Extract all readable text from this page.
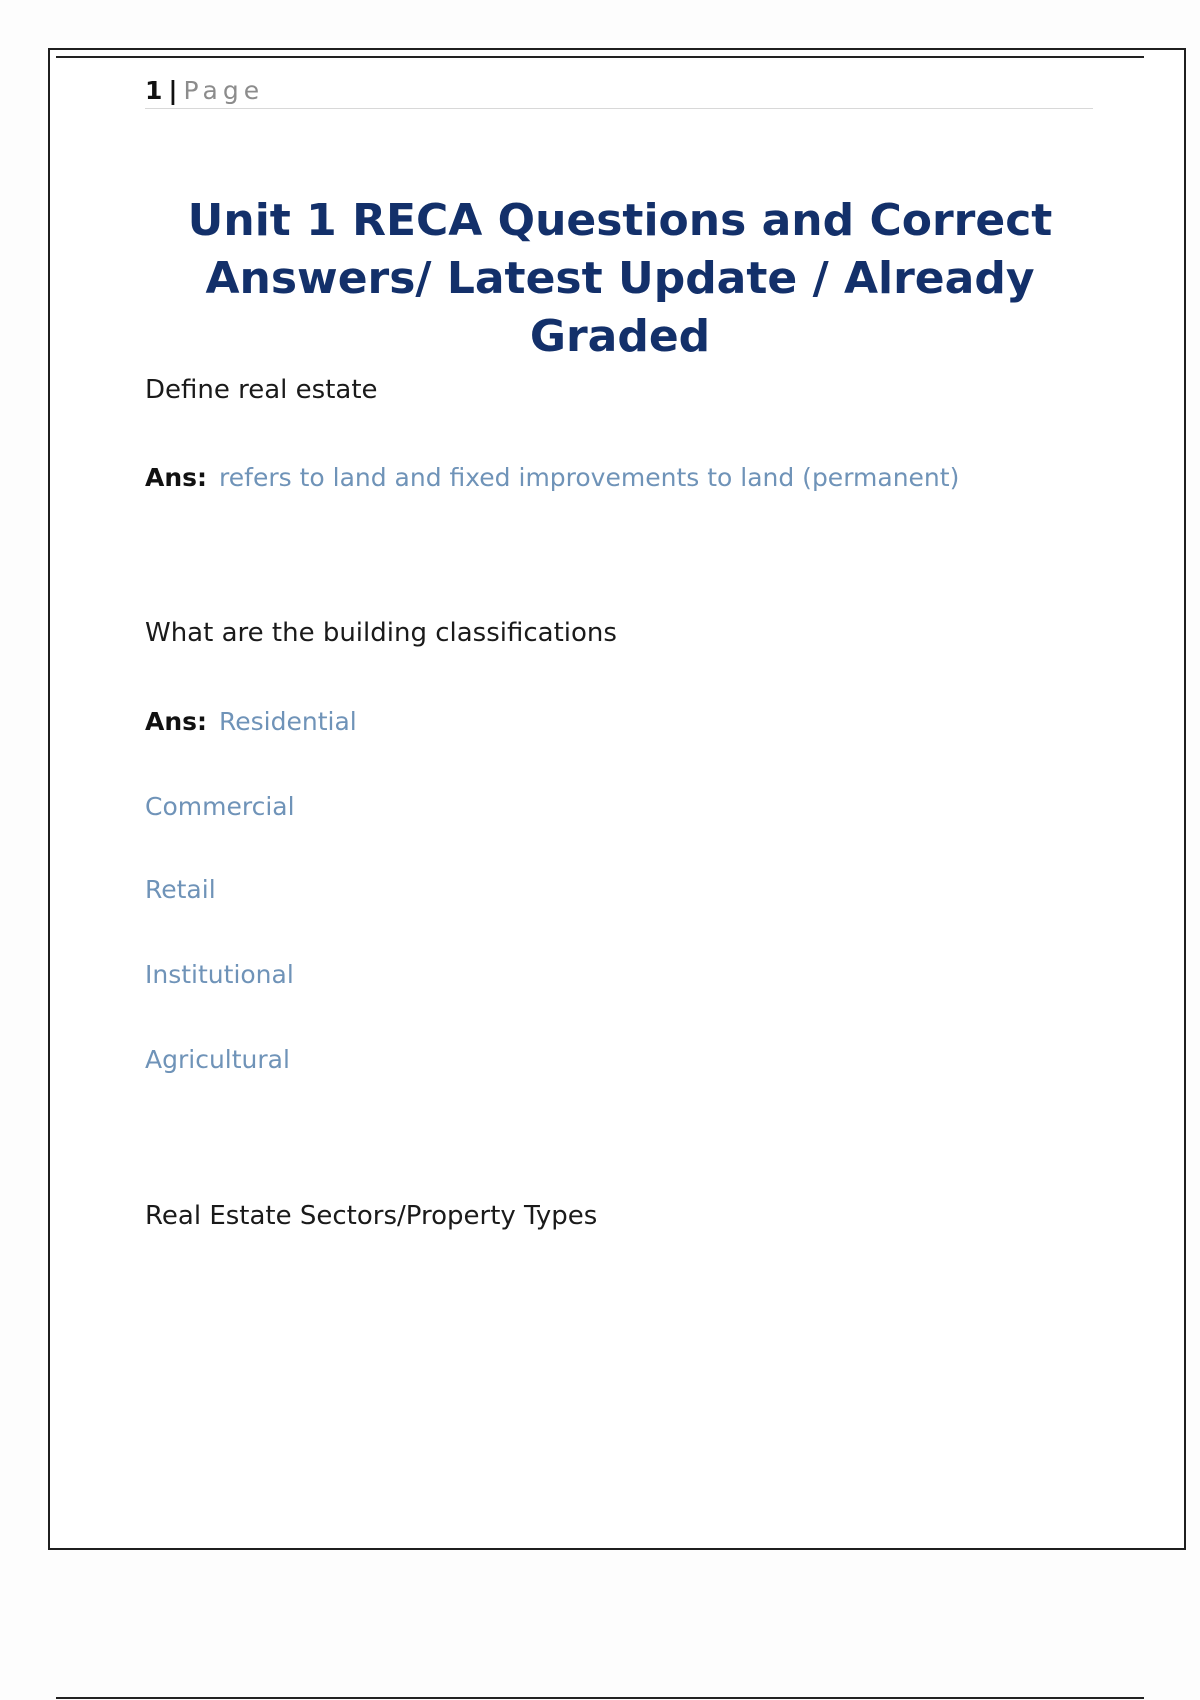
1 | Page
Unit 1 RECA Questions and Correct Answers/ Latest Update / Already Graded

Define real estate

Ans: refers to land and fixed improvements to land (permanent)

What are the building classifications

Ans: Residential
Commercial
Retail
Institutional
Agricultural

Real Estate Sectors/Property Types
